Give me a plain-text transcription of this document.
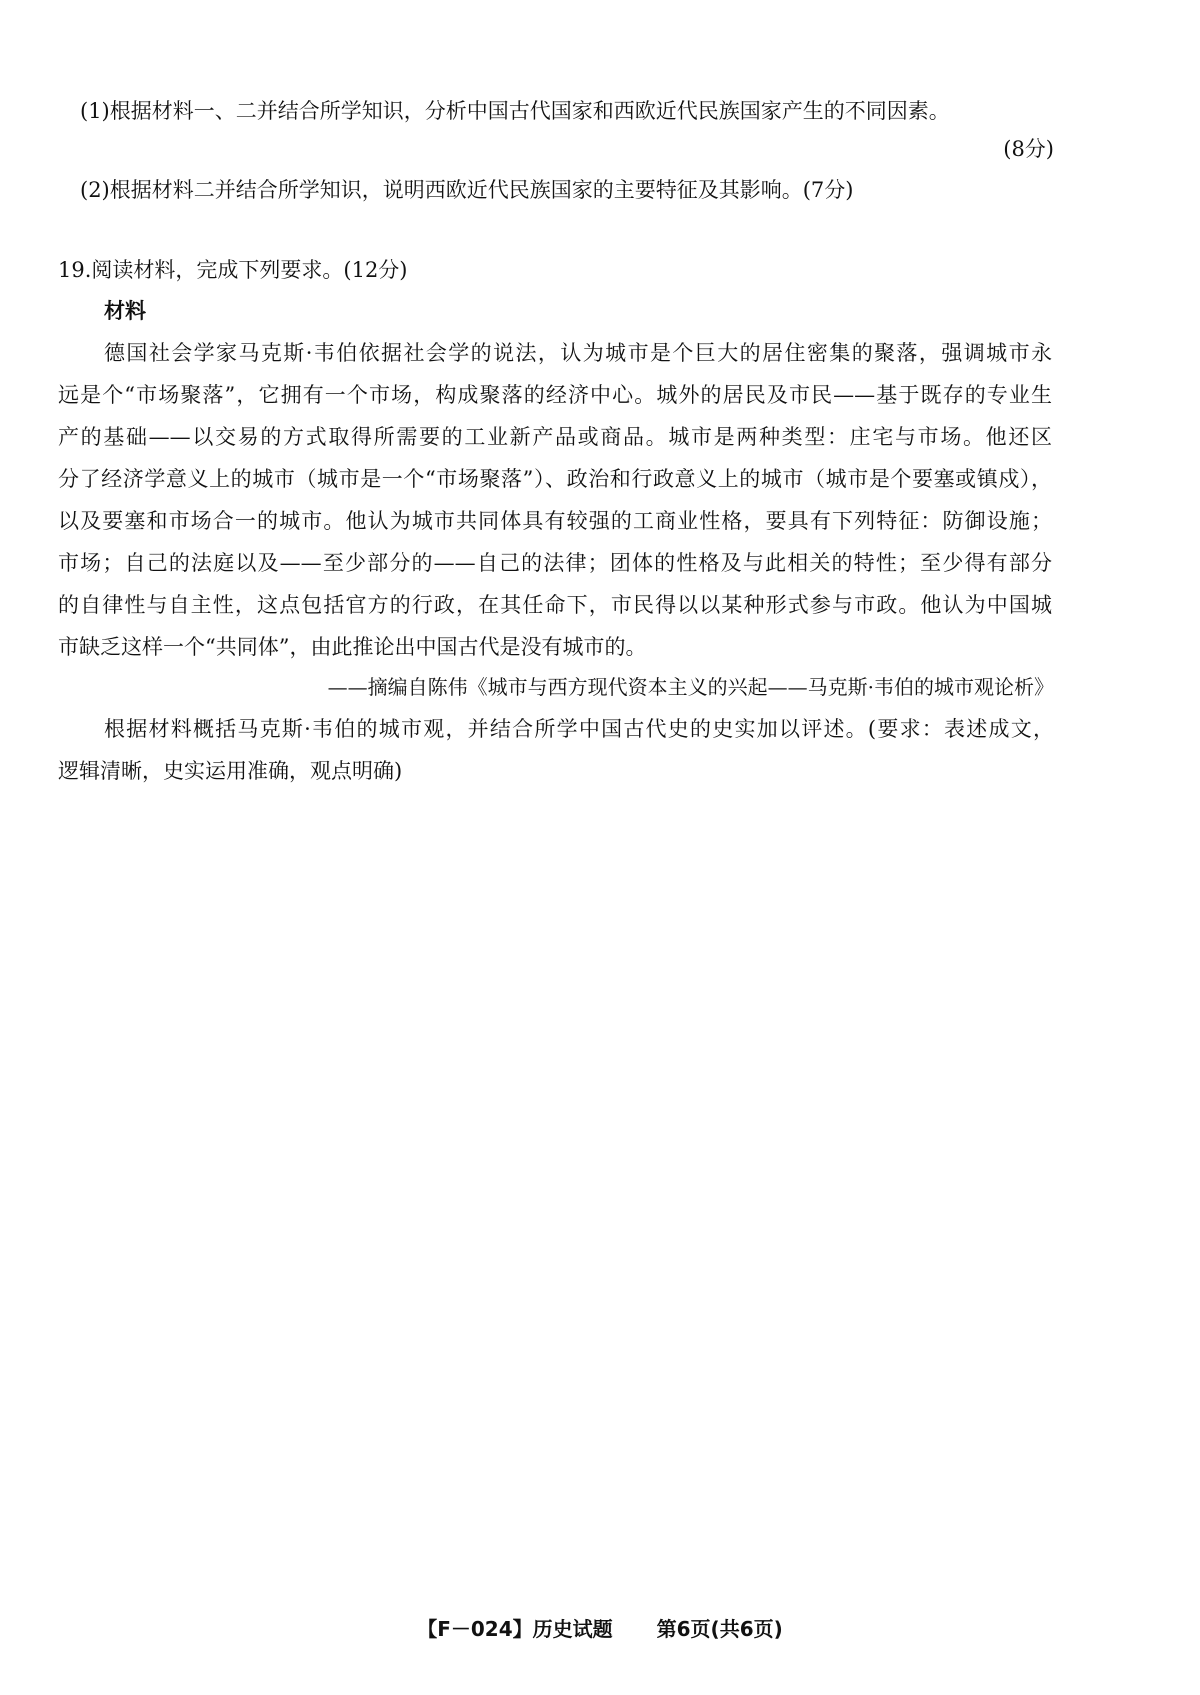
(1)根据材料一、二并结合所学知识，分析中国古代国家和西欧近代民族国家产生的不同因素。
(8分)
(2)根据材料二并结合所学知识，说明西欧近代民族国家的主要特征及其影响。(7分)
19.阅读材料，完成下列要求。(12分)
材料
德国社会学家马克斯·韦伯依据社会学的说法，认为城市是个巨大的居住密集的聚落，强调城市永
远是个“市场聚落”，它拥有一个市场，构成聚落的经济中心。城外的居民及市民——基于既存的专业生
产的基础——以交易的方式取得所需要的工业新产品或商品。城市是两种类型：庄宅与市场。他还区
分了经济学意义上的城市（城市是一个“市场聚落”）、政治和行政意义上的城市（城市是个要塞或镇戍），
以及要塞和市场合一的城市。他认为城市共同体具有较强的工商业性格，要具有下列特征：防御设施；
市场；自己的法庭以及——至少部分的——自己的法律；团体的性格及与此相关的特性；至少得有部分
的自律性与自主性，这点包括官方的行政，在其任命下，市民得以以某种形式参与市政。他认为中国城
市缺乏这样一个“共同体”，由此推论出中国古代是没有城市的。
——摘编自陈伟《城市与西方现代资本主义的兴起——马克斯·韦伯的城市观论析》
根据材料概括马克斯·韦伯的城市观，并结合所学中国古代史的史实加以评述。(要求：表述成文，
逻辑清晰，史实运用准确，观点明确)
【F－024】历史试题 第6页(共6页)
